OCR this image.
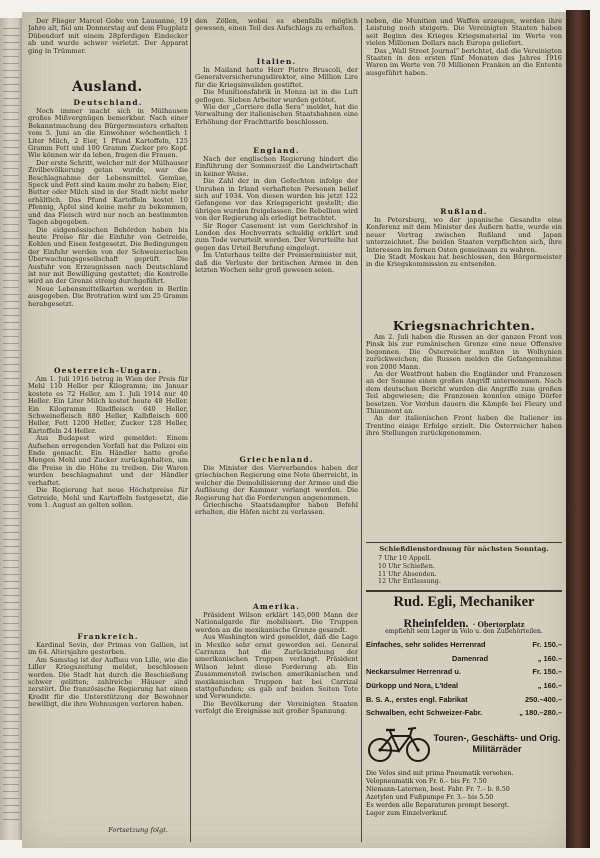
Der Flieger Marcel Gobe von Lausanne, 19 Jahre alt, fiel am Donnerstag auf dem Flugplatz Dübendorf mit einem 28pferdigen Eindecker ab und wurde schwer verletzt. Der Apparat ging in Trümmer.

Ausland.
Deutschland.

Noch immer macht sich in Mülhausen großes Mißvergnügen bemerkbar. Nach einer Bekanntmachung des Bürgermeisters erhalten vom 5. Juni an die Einwohner wöchentlich 1 Liter Milch, 2 Eier, 1 Pfund Kartoffeln, 125 Gramm Fett und 100 Gramm Zucker pro Kopf. Wie können wir da leben, fragen die Frauen.

Der erste Schritt, welcher mit der Mülhauser Zivilbevölkerung getan wurde, war die Beschlagnahme der Lebensmittel. Gemüse, Speck und Fett sind kaum mehr zu haben; Eier, Butter oder Milch sind in der Stadt nicht mehr erhältlich. Das Pfund Kartoffeln kostet 10 Pfennig, Äpfel sind keine mehr zu bekommen, und das Fleisch wird nur noch an bestimmten Tagen abgegeben.

Die eidgenössischen Behörden haben bis heute Preise für die Einfuhr von Getreide, Kohlen und Eisen festgesetzt. Die Bedingungen der Einfuhr werden von der Schweizerischen Überwachungsgesellschaft geprüft. Die Ausfuhr von Erzeugnissen nach Deutschland ist nur mit Bewilligung gestattet; die Kontrolle wird an der Grenze streng durchgeführt.

Neue Lebensmittelkarten werden in Berlin ausgegeben. Die Brotration wird um 25 Gramm herabgesetzt.

Oesterreich-Ungarn.

Am 1. Juli 1916 betrug in Wien der Preis für Mehl 110 Heller per Kilogramm; im Januar kostete es 72 Heller, am 1. Juli 1914 nur 40 Heller. Ein Liter Milch kostet heute 48 Heller. Ein Kilogramm Rindfleisch 640 Heller, Schweinefleisch 880 Heller, Kalbfleisch 600 Heller, Fett 1200 Heller, Zucker 128 Heller, Kartoffeln 24 Heller.

Aus Budapest wird gemeldet: Einem Aufsehen erregenden Vorfall hat die Polizei ein Ende gemacht. Ein Händler hatte große Mengen Mehl und Zucker zurückgehalten, um die Preise in die Höhe zu treiben. Die Waren wurden beschlagnahmt und der Händler verhaftet.

Die Regierung hat neue Höchstpreise für Getreide, Mehl und Kartoffeln festgesetzt, die vom 1. August an gelten sollen.

Frankreich.

Kardinal Sevin, der Primas von Gallien, ist im 64. Altersjahre gestorben.

Am Samstag ist der Aufbau von Lille, wie die Liller Kriegszeitung meldet, beschlossen worden. Die Stadt hat durch die Beschießung schwer gelitten; zahlreiche Häuser sind zerstört. Die französische Regierung hat einen Kredit für die Unterstützung der Bewohner bewilligt, die ihre Wohnungen verloren haben.

Fortsetzung folgt.

den Zöllen, wobei es ebenfalls möglich gewesen, einen Teil des Aufschlags zu erhalten.

Italien.

In Mailand hatte Herr Pietro Bruscoli, der Generalversicherungsdirektor, eine Million Lire für die Kriegsinvaliden gestiftet.

Die Munitionsfabrik in Monza ist in die Luft geflogen. Sieben Arbeiter wurden getötet.

Wie der „Corriere della Sera“ meldet, hat die Verwaltung der italienischen Staatsbahnen eine Erhöhung der Frachttarife beschlossen.

England.

Nach der englischen Regierung hindert die Einführung der Sommerzeit die Landwirtschaft in keiner Weise.

Die Zahl der in den Gefechten infolge der Unruhen in Irland verhafteten Personen belief sich auf 1934. Von diesen wurden bis jetzt 122 Gefangene vor das Kriegsgericht gestellt; die übrigen wurden freigelassen. Die Rebellion wird von der Regierung als erledigt betrachtet.

Sir Roger Casement ist vom Gerichtshof in London des Hochverrats schuldig erklärt und zum Tode verurteilt worden. Der Verurteilte hat gegen das Urteil Berufung eingelegt.

Im Unterhaus teilte der Premierminister mit, daß die Verluste der britischen Armee in den letzten Wochen sehr groß gewesen seien.

Griechenland.

Die Minister des Vierverbandes haben der griechischen Regierung eine Note überreicht, in welcher die Demobilisierung der Armee und die Auflösung der Kammer verlangt werden. Die Regierung hat die Forderungen angenommen.

Griechische Staatsdampfer haben Befehl erhalten, die Häfen nicht zu verlassen.

Amerika.

Präsident Wilson erklärt 145,000 Mann der Nationalgarde für mobilisiert. Die Truppen werden an die mexikanische Grenze gesandt.

Aus Washington wird gemeldet, daß die Lage in Mexiko sehr ernst geworden sei. General Carranza hat die Zurückziehung der amerikanischen Truppen verlangt. Präsident Wilson lehnt diese Forderung ab. Ein Zusammenstoß zwischen amerikanischen und mexikanischen Truppen hat bei Carrizal stattgefunden; es gab auf beiden Seiten Tote und Verwundete.

Die Bevölkerung der Vereinigten Staaten verfolgt die Ereignisse mit großer Spannung.

neben, die Munition und Waffen erzeugen, werden ihre Leistung noch steigern. Die Vereinigten Staaten haben seit Beginn des Krieges Kriegsmaterial im Werte von vielen Millionen Dollars nach Europa geliefert.

Das „Wall Street Journal“ berichtet, daß die Vereinigten Staaten in den ersten fünf Monaten des Jahres 1916 Waren im Werte von 70 Millionen Franken an die Entente ausgeführt haben.

Rußland.

In Petersburg, wo der japanische Gesandte eine Konferenz mit dem Minister des Äußern hatte, wurde ein neuer Vertrag zwischen Rußland und Japan unterzeichnet. Die beiden Staaten verpflichten sich, ihre Interessen im fernen Osten gemeinsam zu wahren.

Die Stadt Moskau hat beschlossen, den Bürgermeister in die Kriegskommission zu entsenden.

Kriegsnachrichten.

Am 2. Juli haben die Russen an der ganzen Front von Pinsk bis zur rumänischen Grenze eine neue Offensive begonnen. Die Österreicher mußten in Wolhynien zurückweichen; die Russen melden die Gefangennahme von 2000 Mann.

An der Westfront haben die Engländer und Franzosen an der Somme einen großen Angriff unternommen. Nach dem deutschen Bericht wurden die Angriffe zum großen Teil abgewiesen; die Franzosen konnten einige Dörfer besetzen. Vor Verdun dauern die Kämpfe bei Fleury und Thiaumont an.

An der italienischen Front haben die Italiener im Trentino einige Erfolge erzielt. Die Österreicher haben ihre Stellungen zurückgenommen.

Schießdienstordnung für nächsten Sonntag.
7 Uhr 10 Appell.
10 Uhr Schießen.
11 Uhr Absenden.
12 Uhr Entlassung.
Rud. Egli, Mechaniker
Rheinfelden. · Obertorplatz
empfiehlt sein Lager in Velo u. den Zubehörteilen.
Einfaches, sehr solides Herrenrad	Fr. 150.–
Damenrad	„ 160.–
Neckarsulmer Herrenrad u.	Fr. 150.–
Dürkopp und Nora, L'Ideal	„ 160.–
B. S. A., erstes engl. Fabrikat	250.–400.–
Schwalben, echt Schweizer-Fabr.	„ 180.–280.–
Touren-, Geschäfts- und Orig. Militärräder
Die Velos sind mit prima Pneumatik versehen.
Velopneumatik von Fr. 6.– bis Fr. 7.50
Niemann-Laternen, best. Fabr. Fr. 7.– b. 8.50
Azetylen und Fußpumpe Fr. 3.– bis 5.50
Es werden alle Reparaturen prompt besorgt.
Lager zum Einzelverkauf.
